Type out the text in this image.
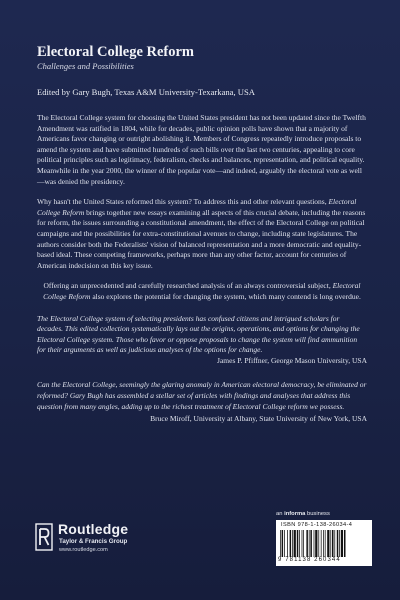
Electoral College Reform
Challenges and Possibilities
Edited by Gary Bugh, Texas A&M University-Texarkana, USA

The Electoral College system for choosing the United States president has not been updated since the Twelfth Amendment was ratified in 1804, while for decades, public opinion polls have shown that a majority of Americans favor changing or outright abolishing it. Members of Congress repeatedly introduce proposals to amend the system and have submitted hundreds of such bills over the last two centuries, appealing to core political principles such as legitimacy, federalism, checks and balances, representation, and political equality. Meanwhile in the year 2000, the winner of the popular vote—and indeed, arguably the electoral vote as well—was denied the presidency.

Why hasn't the United States reformed this system? To address this and other relevant questions, Electoral College Reform brings together new essays examining all aspects of this crucial debate, including the reasons for reform, the issues surrounding a constitutional amendment, the effect of the Electoral College on political campaigns and the possibilities for extra-constitutional avenues to change, including state legislatures. The authors consider both the Federalists' vision of balanced representation and a more democratic and equality-based ideal. These competing frameworks, perhaps more than any other factor, account for centuries of American indecision on this key issue.

Offering an unprecedented and carefully researched analysis of an always controversial subject, Electoral College Reform also explores the potential for changing the system, which many contend is long overdue.

The Electoral College system of selecting presidents has confused citizens and intrigued scholars for decades. This edited collection systematically lays out the origins, operations, and options for changing the Electoral College system. Those who favor or oppose proposals to change the system will find ammunition for their arguments as well as judicious analyses of the options for change.

James P. Pfiffner, George Mason University, USA

Can the Electoral College, seemingly the glaring anomaly in American electoral democracy, be eliminated or reformed? Gary Bugh has assembled a stellar set of articles with findings and analyses that address this question from many angles, adding up to the richest treatment of Electoral College reform we possess.

Bruce Miroff, University at Albany, State University of New York, USA
Routledge
Taylor & Francis Group
www.routledge.com
an informa business
ISBN 978-1-138-26034-4
9 781138 260344
